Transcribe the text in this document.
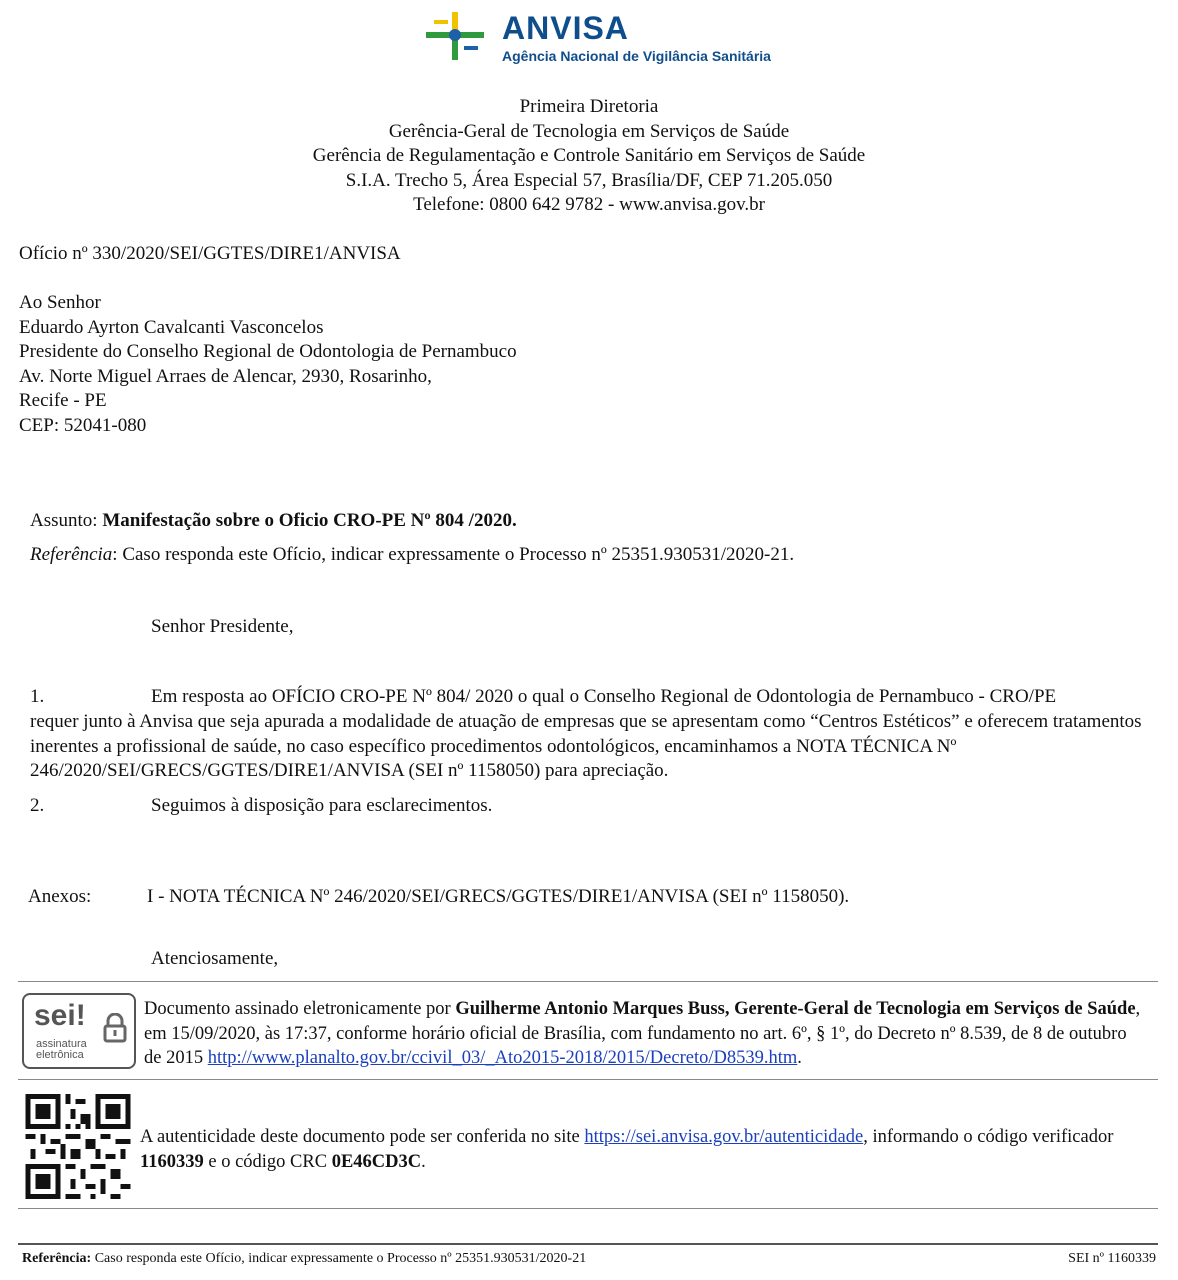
ANVISA
Agência Nacional de Vigilância Sanitária
Primeira Diretoria
Gerência-Geral de Tecnologia em Serviços de Saúde
Gerência de Regulamentação e Controle Sanitário em Serviços de Saúde
S.I.A. Trecho 5, Área Especial 57, Brasília/DF, CEP 71.205.050
Telefone: 0800 642 9782 - www.anvisa.gov.br
Ofício nº 330/2020/SEI/GGTES/DIRE1/ANVISA
Ao Senhor
Eduardo Ayrton Cavalcanti Vasconcelos
Presidente do Conselho Regional de Odontologia de Pernambuco
Av. Norte Miguel Arraes de Alencar, 2930, Rosarinho,
Recife - PE
CEP: 52041-080
Assunto: Manifestação sobre o Oficio CRO-PE Nº 804 /2020.
Referência: Caso responda este Ofício, indicar expressamente o Processo nº 25351.930531/2020-21.
Senhor Presidente,
1.	Em resposta ao OFÍCIO CRO-PE Nº 804/ 2020 o qual o Conselho Regional de Odontologia de Pernambuco - CRO/PE
requer junto à Anvisa que seja apurada a modalidade de atuação de empresas que se apresentam como “Centros Estéticos” e oferecem tratamentos inerentes a profissional de saúde, no caso específico procedimentos odontológicos, encaminhamos a NOTA TÉCNICA Nº 246/2020/SEI/GRECS/GGTES/DIRE1/ANVISA (SEI nº 1158050) para apreciação.
2.	Seguimos à disposição para esclarecimentos.
Anexos:	I - NOTA TÉCNICA Nº 246/2020/SEI/GRECS/GGTES/DIRE1/ANVISA (SEI nº 1158050).
Atenciosamente,
sei!
assinatura
eletrônica
Documento assinado eletronicamente por Guilherme Antonio Marques Buss, Gerente-Geral de Tecnologia em Serviços de Saúde, em 15/09/2020, às 17:37, conforme horário oficial de Brasília, com fundamento no art. 6º, § 1º, do Decreto nº 8.539, de 8 de outubro de 2015 http://www.planalto.gov.br/ccivil_03/_Ato2015-2018/2015/Decreto/D8539.htm.
A autenticidade deste documento pode ser conferida no site https://sei.anvisa.gov.br/autenticidade, informando o código verificador 1160339 e o código CRC 0E46CD3C.
Referência: Caso responda este Ofício, indicar expressamente o Processo nº 25351.930531/2020-21	SEI nº 1160339
